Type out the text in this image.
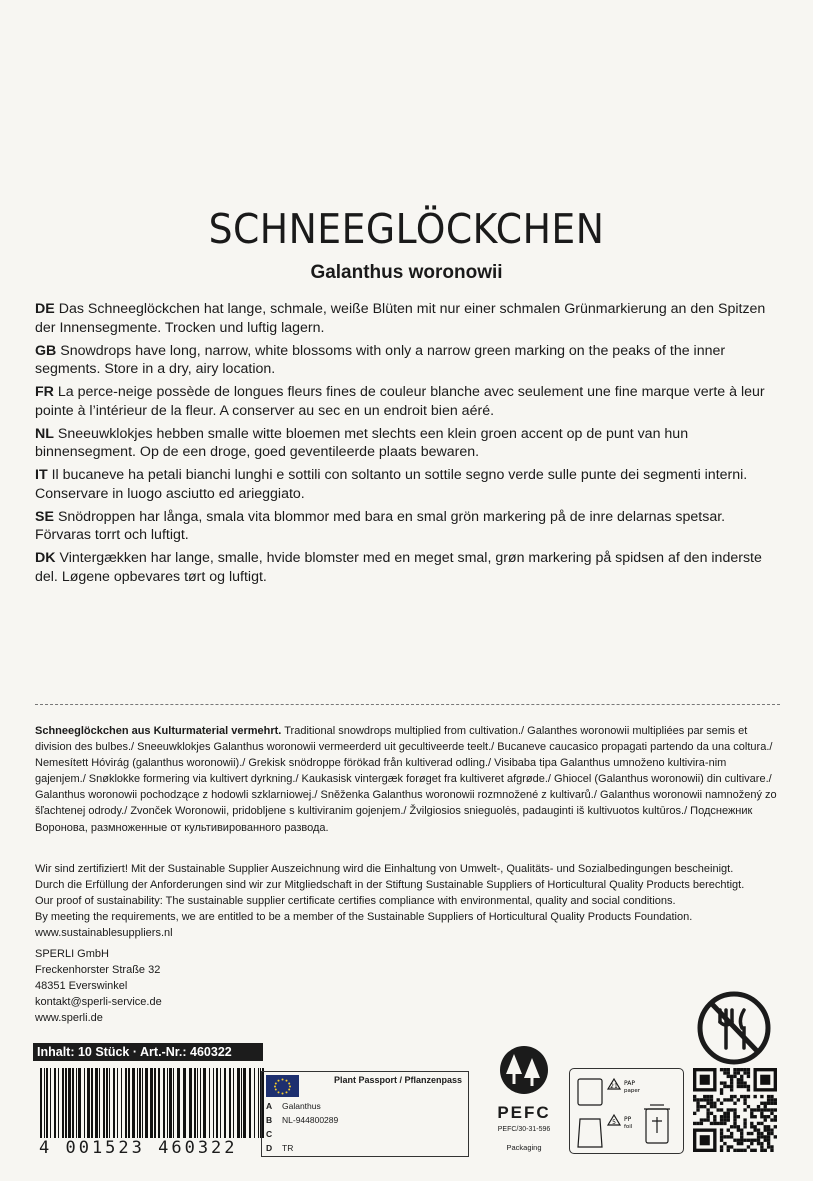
SCHNEEGLÖCKCHEN
Galanthus woronowii
DE Das Schneeglöckchen hat lange, schmale, weiße Blüten mit nur einer schmalen Grünmarkierung an den Spitzen der Innensegmente. Trocken und luftig lagern.
GB Snowdrops have long, narrow, white blossoms with only a narrow green marking on the peaks of the inner segments. Store in a dry, airy location.
FR La perce-neige possède de longues fleurs fines de couleur blanche avec seulement une fine marque verte à leur pointe à l’intérieur de la fleur. A conserver au sec en un endroit bien aéré.
NL Sneeuwklokjes hebben smalle witte bloemen met slechts een klein groen accent op de punt van hun binnensegment. Op de een droge, goed geventileerde plaats bewaren.
IT Il bucaneve ha petali bianchi lunghi e sottili con soltanto un sottile segno verde sulle punte dei segmenti interni. Conservare in luogo asciutto ed arieggiato.
SE Snödroppen har långa, smala vita blommor med bara en smal grön markering på de inre delarnas spetsar. Förvaras torrt och luftigt.
DK Vintergækken har lange, smalle, hvide blomster med en meget smal, grøn markering på spidsen af den inderste del. Løgene opbevares tørt og luftigt.
Schneeglöckchen aus Kulturmaterial vermehrt. Traditional snowdrops multiplied from cultivation./ Galanthes woronowii multipliées par semis et division des bulbes./ Sneeuwklokjes Galanthus woronowii vermeerderd uit gecultiveerde teelt./ Bucaneve caucasico propagati partendo da una coltura./ Nemesített Hóvirág (galanthus woronowii)./ Grekisk snödroppe förökad från kultiverad odling./ Visibaba tipa Galanthus umnoženo kultivira-nim gajenjem./ Snøklokke formering via kultivert dyrkning./ Kaukasisk vintergæk forøget fra kultiveret afgrøde./ Ghiocel (Galanthus woronowii) din cultivare./ Galanthus woronowii pochodzące z hodowli szklarniowej./ Sněženka Galanthus woronowii rozmnožené z kultivarů./ Galanthus woronowii namnožený zo šľachtenej odrody./ Zvonček Woronowii, pridobljene s kultiviranim gojenjem./ Žvilgiosios snieguolės, padauginti iš kultivuotos kultūros./ Подснежник Воронова, размноженные от культивированного развода.
Wir sind zertifiziert! Mit der Sustainable Supplier Auszeichnung wird die Einhaltung von Umwelt-, Qualitäts- und Sozialbedingungen bescheinigt.
Durch die Erfüllung der Anforderungen sind wir zur Mitgliedschaft in der Stiftung Sustainable Suppliers of Horticultural Quality Products berechtigt.
Our proof of sustainability: The sustainable supplier certificate certifies compliance with environmental, quality and social conditions.
By meeting the requirements, we are entitled to be a member of the Sustainable Suppliers of Horticultural Quality Products Foundation.
www.sustainablesuppliers.nl
SPERLI GmbH
Freckenhorster Straße 32
48351 Everswinkel
kontakt@sperli-service.de
www.sperli.de
Inhalt: 10 Stück · Art.-Nr.: 460322
4 001523 460322
Plant Passport / Pflanzenpass
A Galanthus
B NL-944800289
C
D TR
PEFC
PEFC/30-31-596
Packaging
21 PAP
paper
5 PP
foil
